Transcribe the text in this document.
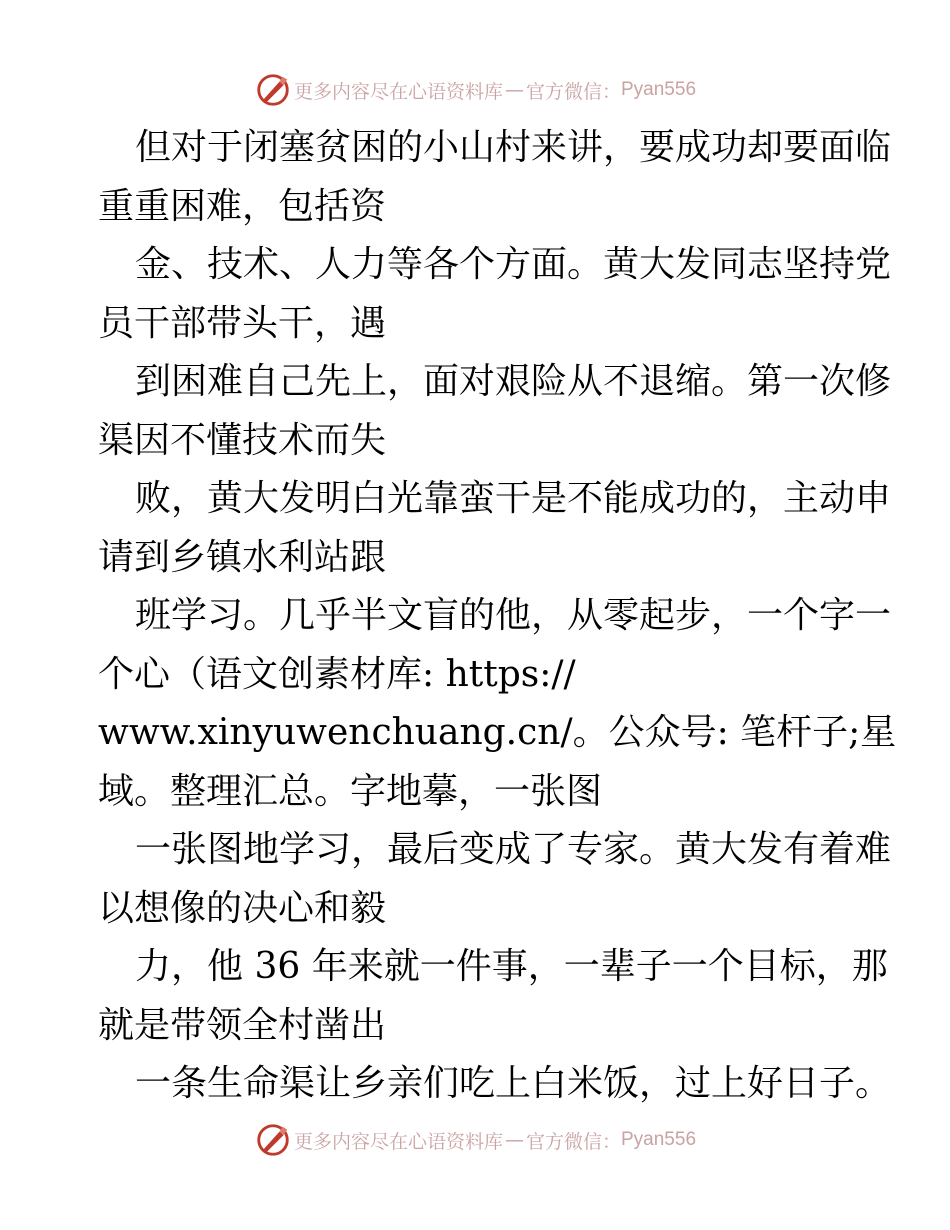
更多内容尽在心语资料库 — 官方微信： Pyan556

但对于闭塞贫困的小山村来讲，要成功却要面临

重重困难，包括资

金、技术、人力等各个方面。黄大发同志坚持党

员干部带头干，遇

到困难自己先上，面对艰险从不退缩。第一次修

渠因不懂技术而失

败，黄大发明白光靠蛮干是不能成功的，主动申

请到乡镇水利站跟

班学习。几乎半文盲的他，从零起步，一个字一

个心（语文创素材库: https://

www.xinyuwenchuang.cn/。公众号: 笔杆子;星

域。整理汇总。字地摹，一张图

一张图地学习，最后变成了专家。黄大发有着难

以想像的决心和毅

力，他 36 年来就一件事，一辈子一个目标，那

就是带领全村凿出

一条生命渠让乡亲们吃上白米饭，过上好日子。

更多内容尽在心语资料库 — 官方微信： Pyan556
